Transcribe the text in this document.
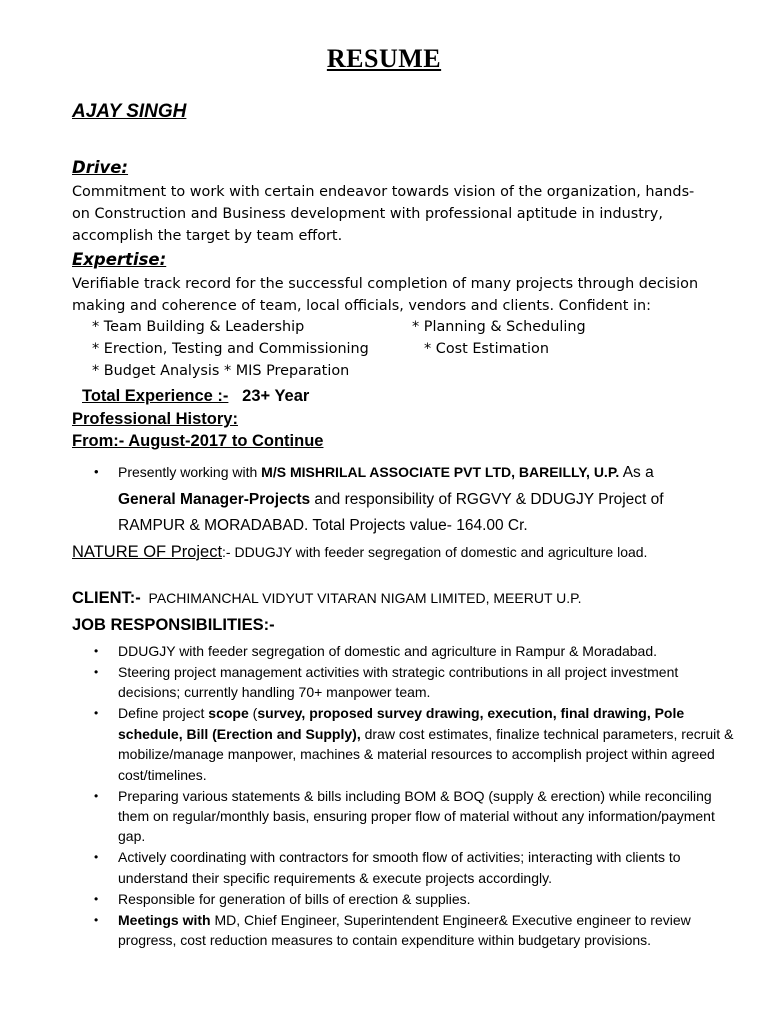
RESUME
AJAY SINGH
Drive:

Commitment to work with certain endeavor towards vision of the organization, hands-on Construction and Business development with professional aptitude in industry, accomplish the target by team effort.

Expertise:

Verifiable track record for the successful completion of many projects through decision making and coherence of team, local officials, vendors and clients. Confident in:

* Team Building & Leadership	* Planning & Scheduling
* Erection, Testing and Commissioning	* Cost Estimation
* Budget Analysis * MIS Preparation
Total Experience :- 23+ Year
Professional History:
From:- August-2017 to Continue
• Presently working with M/S MISHRILAL ASSOCIATE PVT LTD, BAREILLY, U.P. As a General Manager-Projects and responsibility of RGGVY & DDUGJY Project of RAMPUR & MORADABAD. Total Projects value- 164.00 Cr.
NATURE OF Project:- DDUGJY with feeder segregation of domestic and agriculture load.
CLIENT:- PACHIMANCHAL VIDYUT VITARAN NIGAM LIMITED, MEERUT U.P.
JOB RESPONSIBILITIES:-
• DDUGJY with feeder segregation of domestic and agriculture in Rampur & Moradabad.
• Steering project management activities with strategic contributions in all project investment decisions; currently handling 70+ manpower team.
• Define project scope (survey, proposed survey drawing, execution, final drawing, Pole schedule, Bill (Erection and Supply), draw cost estimates, finalize technical parameters, recruit & mobilize/manage manpower, machines & material resources to accomplish project within agreed cost/timelines.
• Preparing various statements & bills including BOM & BOQ (supply & erection) while reconciling them on regular/monthly basis, ensuring proper flow of material without any information/payment gap.
• Actively coordinating with contractors for smooth flow of activities; interacting with clients to understand their specific requirements & execute projects accordingly.
• Responsible for generation of bills of erection & supplies.
• Meetings with MD, Chief Engineer, Superintendent Engineer& Executive engineer to review progress, cost reduction measures to contain expenditure within budgetary provisions.
